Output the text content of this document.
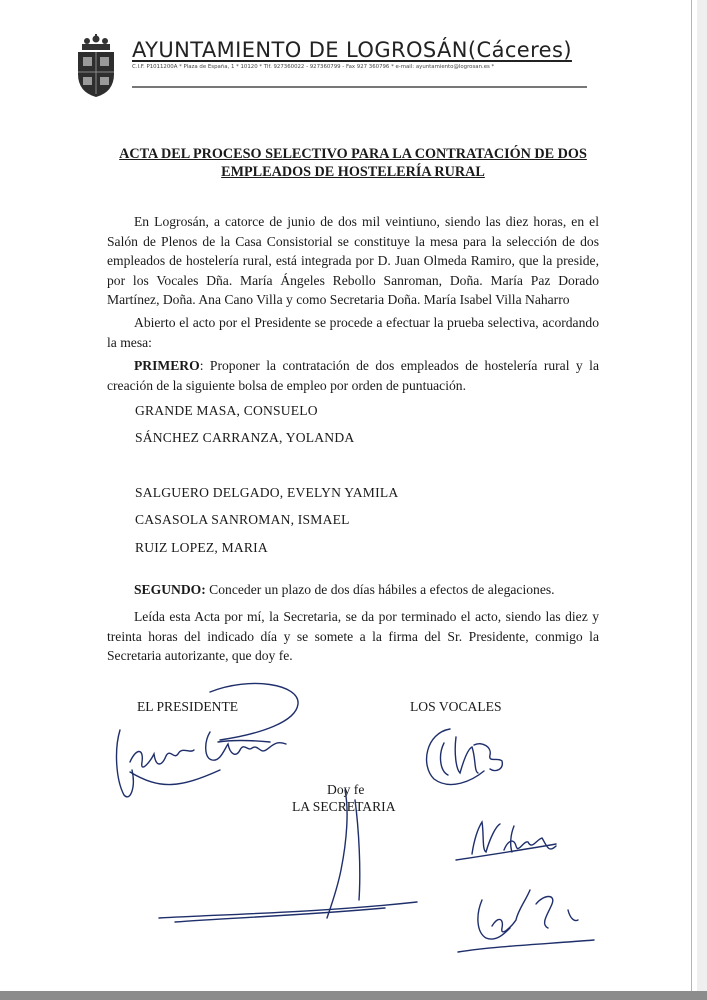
AYUNTAMIENTO DE LOGROSÁN(Cáceres)
C.I.F. P1011200A * Plaza de España, 1 * 10120 * Tlf. 927360022 - 927360799 - Fax 927 360796 * e-mail: ayuntamiento@logrosan.es *
ACTA DEL PROCESO SELECTIVO PARA LA CONTRATACIÓN DE DOS
EMPLEADOS DE HOSTELERÍA RURAL

En Logrosán, a catorce de junio de dos mil veintiuno, siendo las diez horas, en el Salón de Plenos de la Casa Consistorial se constituye la mesa para la selección de dos empleados de hostelería rural, está integrada por D. Juan Olmeda Ramiro, que la preside, por los Vocales Dña. María Ángeles Rebollo Sanroman, Doña. María Paz Dorado Martínez, Doña. Ana Cano Villa y como Secretaria Doña. María Isabel Villa Naharro

Abierto el acto por el Presidente se procede a efectuar la prueba selectiva, acordando la mesa:

PRIMERO: Proponer la contratación de dos empleados de hostelería rural y la creación de la siguiente bolsa de empleo por orden de puntuación.

GRANDE MASA, CONSUELO
SÁNCHEZ CARRANZA, YOLANDA
SALGUERO DELGADO, EVELYN YAMILA
CASASOLA SANROMAN, ISMAEL
RUIZ LOPEZ, MARIA

SEGUNDO: Conceder un plazo de dos días hábiles a efectos de alegaciones.

Leída esta Acta por mí, la Secretaria, se da por terminado el acto, siendo las diez y treinta horas del indicado día y se somete a la firma del Sr. Presidente, conmigo la Secretaria autorizante, que doy fe.

EL PRESIDENTE	LOS VOCALES
Doy fe
LA SECRETARIA
